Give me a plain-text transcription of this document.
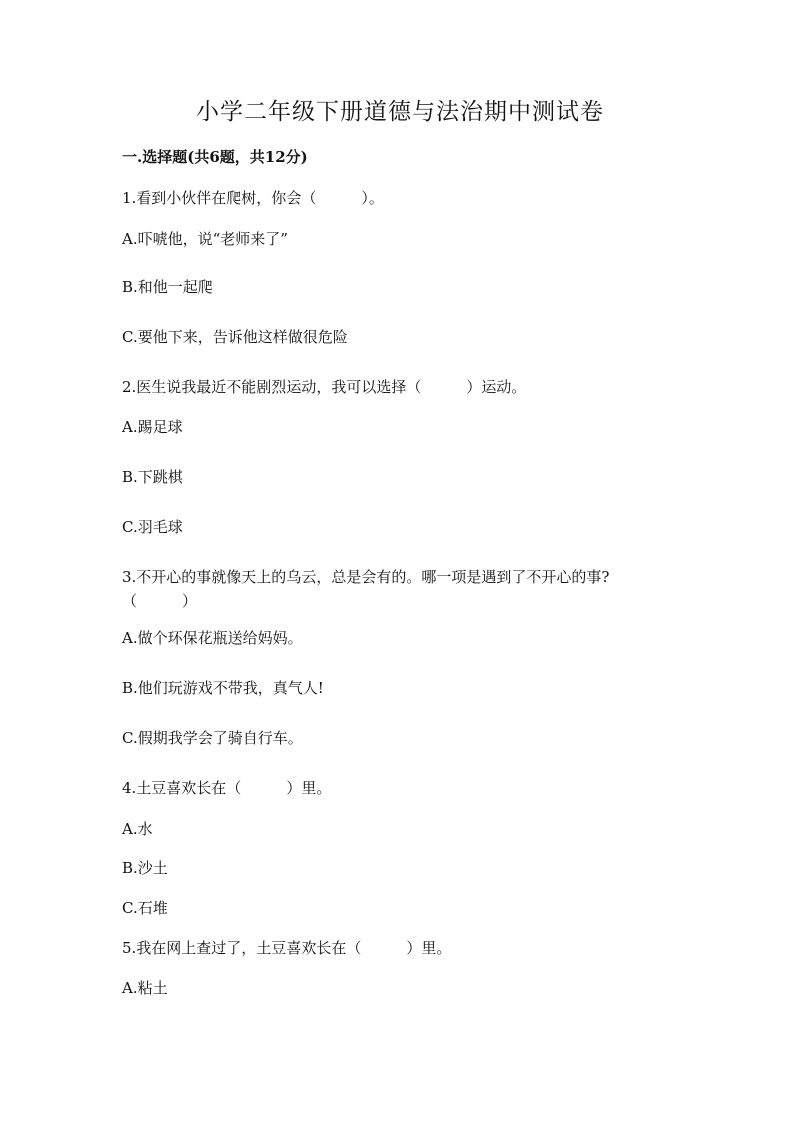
小学二年级下册道德与法治期中测试卷
一.选择题(共6题，共12分)
1.看到小伙伴在爬树，你会（　　　）。
A.吓唬他，说“老师来了”
B.和他一起爬
C.要他下来，告诉他这样做很危险
2.医生说我最近不能剧烈运动，我可以选择（　　　）运动。
A.踢足球
B.下跳棋
C.羽毛球
3.不开心的事就像天上的乌云，总是会有的。哪一项是遇到了不开心的事?（　　　）
A.做个环保花瓶送给妈妈。
B.他们玩游戏不带我，真气人!
C.假期我学会了骑自行车。
4.土豆喜欢长在（　　　）里。
A.水
B.沙土
C.石堆
5.我在网上查过了，土豆喜欢长在（　　　）里。
A.粘土
